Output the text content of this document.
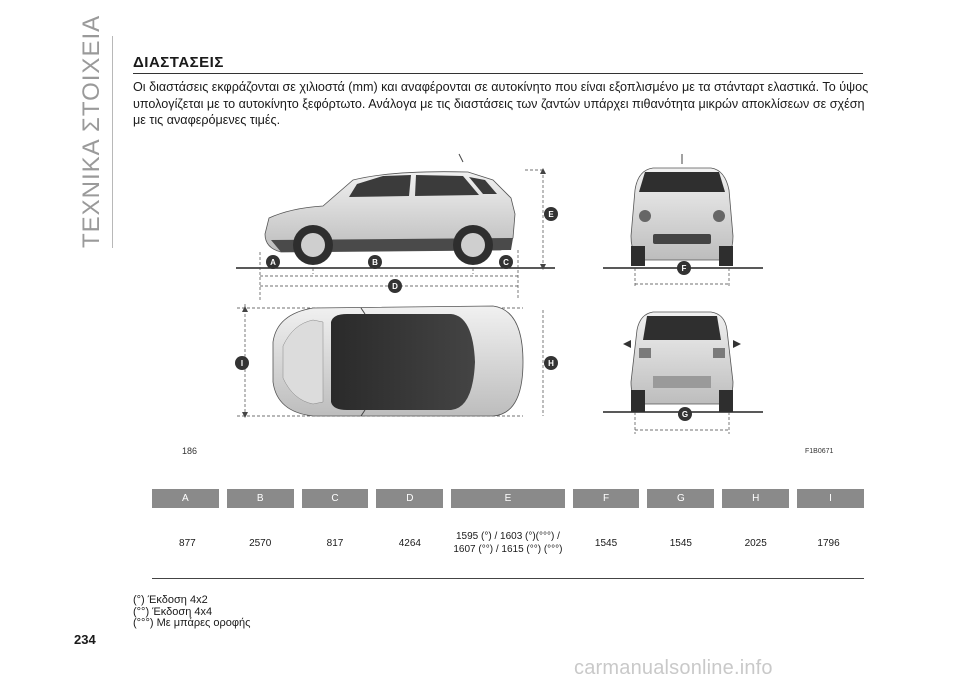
ΤΕΧΝΙΚΑ ΣΤΟΙΧΕΙΑ ΔΙΑΣΤΑΣΕΙΣ
Οι διαστάσεις εκφράζονται σε χιλιοστά (mm) και αναφέρονται σε αυτοκίνητο που είναι εξοπλισμένο με τα στάνταρτ ελαστικά. Το ύψος υπολογίζεται με το αυτοκίνητο ξεφόρτωτο. Ανάλογα με τις διαστάσεις των ζαντών υπάρχει πιθανότητα μικρών αποκλίσεων σε σχέση με τις αναφερόμενες τιμές.
A	B	C
D
E
I	H
F
G
186	F1B0671
A	B	C	D	E	F	G	H	I
877	2570	817	4264	1595 (°) / 1603 (°)(°°°) / 1607 (°°) / 1615 (°°) (°°°)	1545	1545	2025	1796
(°) Έκδοση 4x2
(°°) Έκδοση 4x4
(°°°) Με μπάρες οροφής
234
carmanualsonline.info
